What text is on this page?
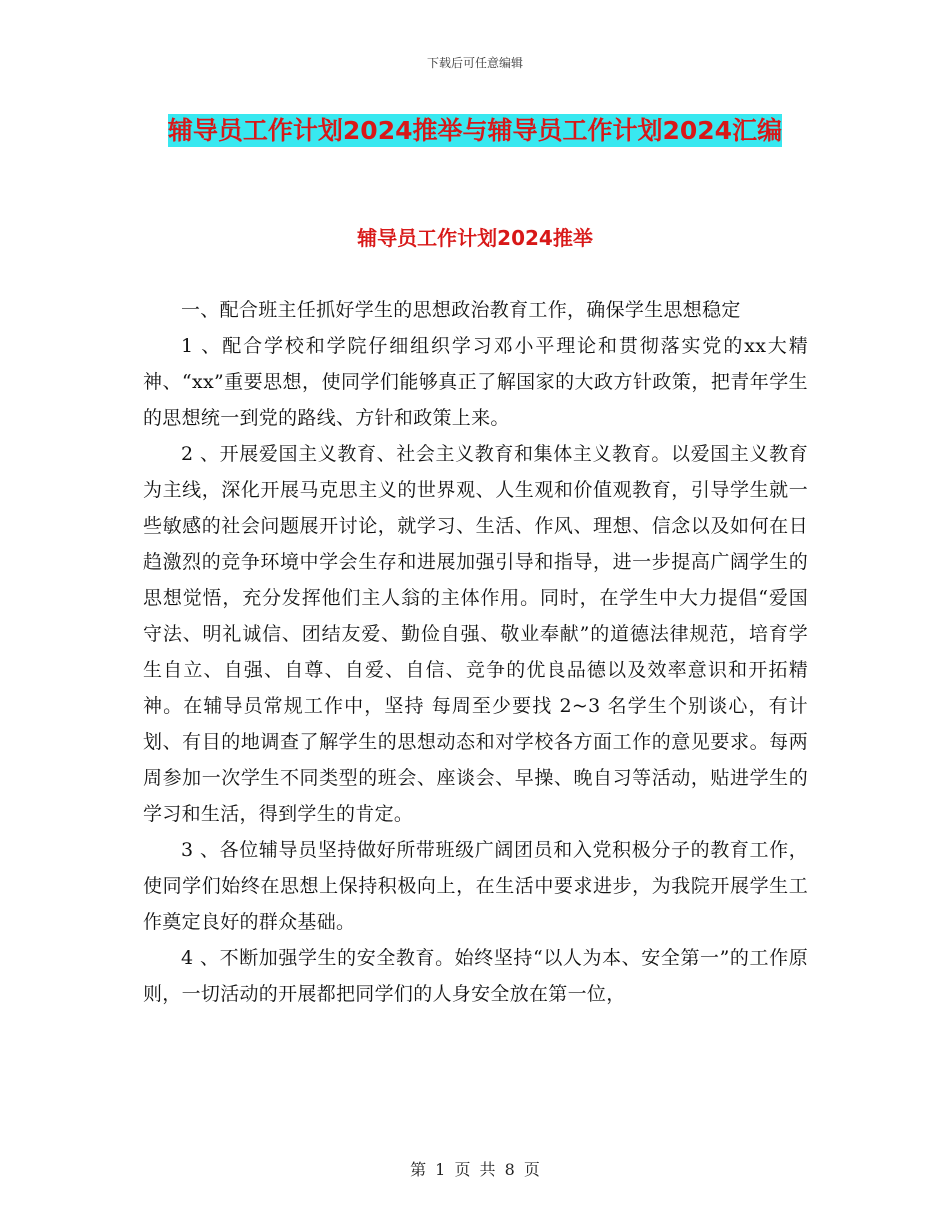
下载后可任意编辑
辅导员工作计划2024推举与辅导员工作计划2024汇编
辅导员工作计划2024推举

一、配合班主任抓好学生的思想政治教育工作，确保学生思想稳定

1 、配合学校和学院仔细组织学习邓小平理论和贯彻落实党的xx大精神、“xx”重要思想，使同学们能够真正了解国家的大政方针政策，把青年学生的思想统一到党的路线、方针和政策上来。

2 、开展爱国主义教育、社会主义教育和集体主义教育。以爱国主义教育为主线，深化开展马克思主义的世界观、人生观和价值观教育，引导学生就一些敏感的社会问题展开讨论，就学习、生活、作风、理想、信念以及如何在日趋激烈的竞争环境中学会生存和进展加强引导和指导，进一步提高广阔学生的思想觉悟，充分发挥他们主人翁的主体作用。同时，在学生中大力提倡“爱国守法、明礼诚信、团结友爱、勤俭自强、敬业奉献”的道德法律规范，培育学生自立、自强、自尊、自爱、自信、竞争的优良品德以及效率意识和开拓精神。在辅导员常规工作中，坚持 每周至少要找 2~3 名学生个别谈心，有计划、有目的地调查了解学生的思想动态和对学校各方面工作的意见要求。每两周参加一次学生不同类型的班会、座谈会、早操、晚自习等活动，贴进学生的学习和生活，得到学生的肯定。

3 、各位辅导员坚持做好所带班级广阔团员和入党积极分子的教育工作，使同学们始终在思想上保持积极向上，在生活中要求进步，为我院开展学生工作奠定良好的群众基础。

4 、不断加强学生的安全教育。始终坚持“以人为本、安全第一”的工作原则，一切活动的开展都把同学们的人身安全放在第一位，

第 1 页 共 8 页
